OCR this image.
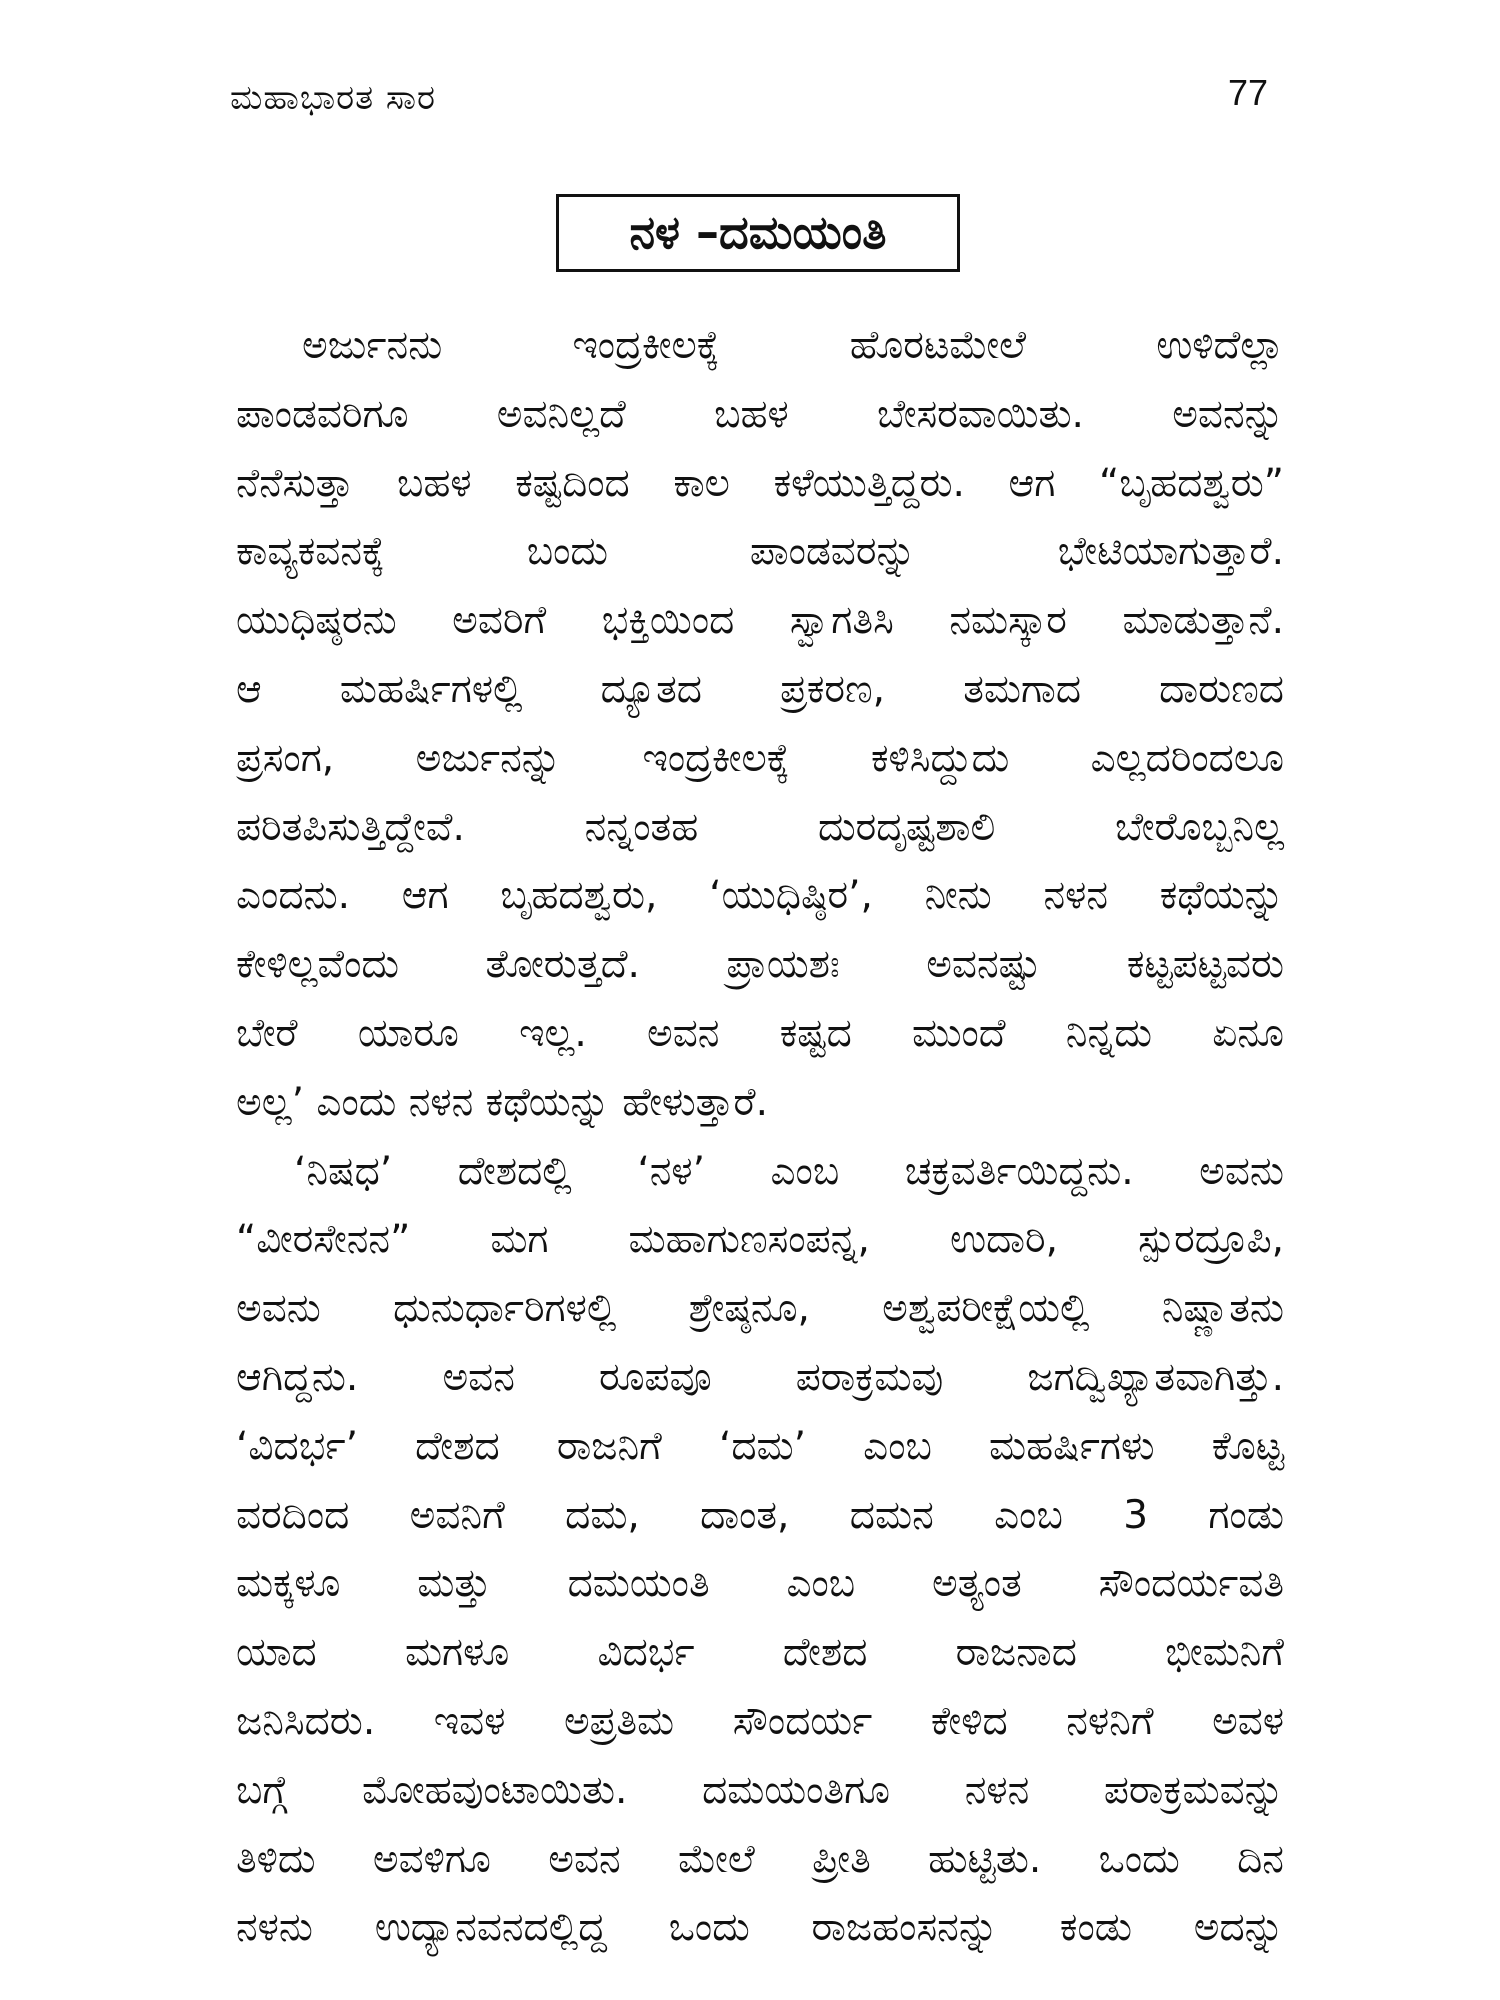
ಮಹಾಭಾರತ ಸಾರ	77
ನಳ –ದಮಯಂತಿ
ಅರ್ಜುನನು ಇಂದ್ರಕೀಲಕ್ಕೆ ಹೊರಟಮೇಲೆ ಉಳಿದೆಲ್ಲಾ
ಪಾಂಡವರಿಗೂ ಅವನಿಲ್ಲದೆ ಬಹಳ ಬೇಸರವಾಯಿತು. ಅವನನ್ನು
ನೆನೆಸುತ್ತಾ ಬಹಳ ಕಷ್ಟದಿಂದ ಕಾಲ ಕಳೆಯುತ್ತಿದ್ದರು. ಆಗ “ಬೃಹದಶ್ವರು”
ಕಾವ್ಯಕವನಕ್ಕೆ ಬಂದು ಪಾಂಡವರನ್ನು ಭೇಟಿಯಾಗುತ್ತಾರೆ.
ಯುಧಿಷ್ಠರನು ಅವರಿಗೆ ಭಕ್ತಿಯಿಂದ ಸ್ವಾಗತಿಸಿ ನಮಸ್ಕಾರ ಮಾಡುತ್ತಾನೆ.
ಆ ಮಹರ್ಷಿಗಳಲ್ಲಿ ದ್ಯೂತದ ಪ್ರಕರಣ, ತಮಗಾದ ದಾರುಣದ
ಪ್ರಸಂಗ, ಅರ್ಜುನನ್ನು ಇಂದ್ರಕೀಲಕ್ಕೆ ಕಳಿಸಿದ್ದುದು ಎಲ್ಲದರಿಂದಲೂ
ಪರಿತಪಿಸುತ್ತಿದ್ದೇವೆ. ನನ್ನಂತಹ ದುರದೃಷ್ಟಶಾಲಿ ಬೇರೊಬ್ಬನಿಲ್ಲ
ಎಂದನು. ಆಗ ಬೃಹದಶ್ವರು, ‘ಯುಧಿಷ್ಠಿರ’, ನೀನು ನಳನ ಕಥೆಯನ್ನು
ಕೇಳಿಲ್ಲವೆಂದು ತೋರುತ್ತದೆ. ಪ್ರಾಯಶಃ ಅವನಷ್ಟು ಕಟ್ಟಪಟ್ಟವರು
ಬೇರೆ ಯಾರೂ ಇಲ್ಲ. ಅವನ ಕಷ್ಟದ ಮುಂದೆ ನಿನ್ನದು ಏನೂ
ಅಲ್ಲ’ ಎಂದು ನಳನ ಕಥೆಯನ್ನು ಹೇಳುತ್ತಾರೆ.
‘ನಿಷಧ’ ದೇಶದಲ್ಲಿ ‘ನಳ’ ಎಂಬ ಚಕ್ರವರ್ತಿಯಿದ್ದನು. ಅವನು
“ವೀರಸೇನನ” ಮಗ ಮಹಾಗುಣಸಂಪನ್ನ, ಉದಾರಿ, ಸ್ಪುರದ್ರೂಪಿ,
ಅವನು ಧುನುರ್ಧಾರಿಗಳಲ್ಲಿ ಶ್ರೇಷ್ಠನೂ, ಅಶ್ವಪರೀಕ್ಷೆಯಲ್ಲಿ ನಿಷ್ಣಾತನು
ಆಗಿದ್ದನು. ಅವನ ರೂಪವೂ ಪರಾಕ್ರಮವು ಜಗದ್ವಿಖ್ಯಾತವಾಗಿತ್ತು.
‘ವಿದರ್ಭ’ ದೇಶದ ರಾಜನಿಗೆ ‘ದಮ’ ಎಂಬ ಮಹರ್ಷಿಗಳು ಕೊಟ್ಟ
ವರದಿಂದ ಅವನಿಗೆ ದಮ, ದಾಂತ, ದಮನ ಎಂಬ 3 ಗಂಡು
ಮಕ್ಕಳೂ ಮತ್ತು ದಮಯಂತಿ ಎಂಬ ಅತ್ಯಂತ ಸೌಂದರ್ಯವತಿ
ಯಾದ ಮಗಳೂ ವಿದರ್ಭ ದೇಶದ ರಾಜನಾದ ಭೀಮನಿಗೆ
ಜನಿಸಿದರು. ಇವಳ ಅಪ್ರತಿಮ ಸೌಂದರ್ಯ ಕೇಳಿದ ನಳನಿಗೆ ಅವಳ
ಬಗ್ಗೆ ಮೋಹವುಂಟಾಯಿತು. ದಮಯಂತಿಗೂ ನಳನ ಪರಾಕ್ರಮವನ್ನು
ತಿಳಿದು ಅವಳಿಗೂ ಅವನ ಮೇಲೆ ಪ್ರೀತಿ ಹುಟ್ಟಿತು. ಒಂದು ದಿನ
ನಳನು ಉದ್ಯಾನವನದಲ್ಲಿದ್ದ ಒಂದು ರಾಜಹಂಸನನ್ನು ಕಂಡು ಅದನ್ನು
